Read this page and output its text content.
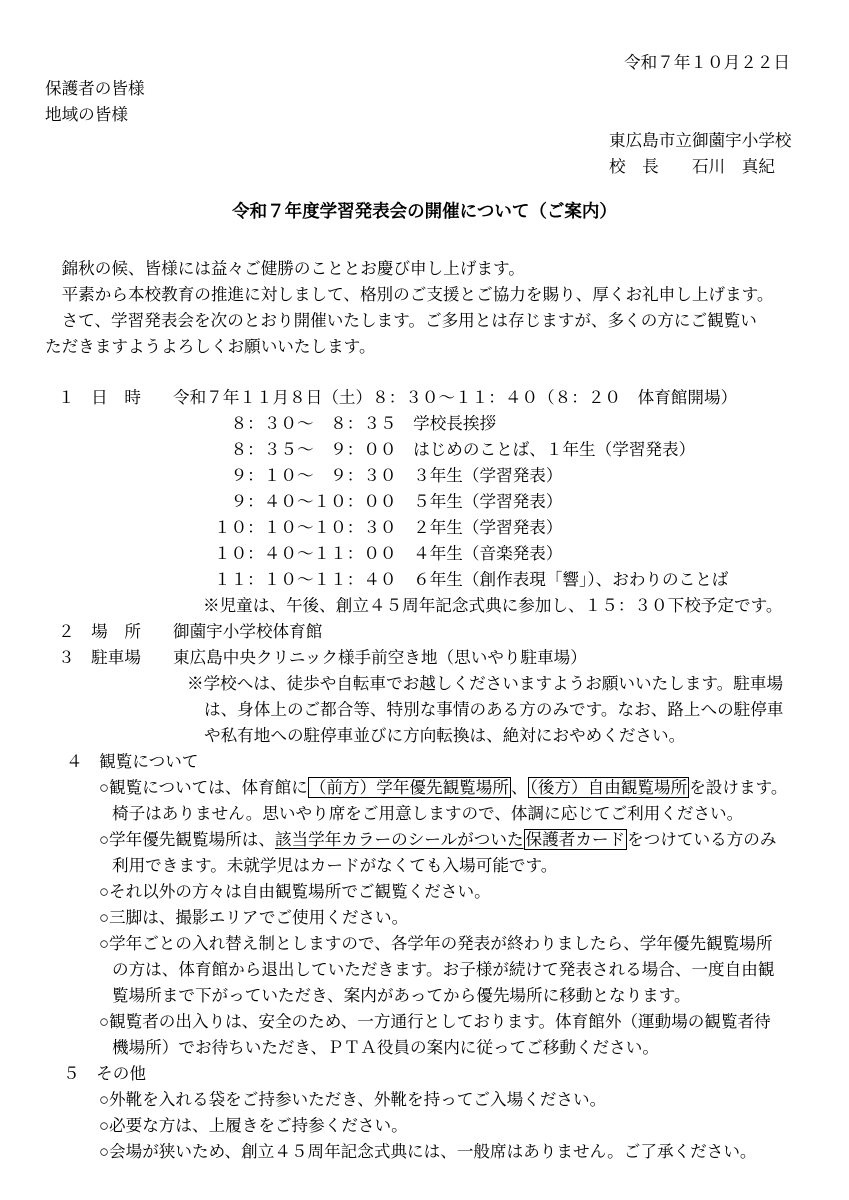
令和７年１０月２２日
保護者の皆様
地域の皆様
東広島市立御薗宇小学校
校　長　　石川　真紀
令和７年度学習発表会の開催について（ご案内）
　錦秋の候、皆様には益々ご健勝のこととお慶び申し上げます。
　平素から本校教育の推進に対しまして、格別のご支援とご協力を賜り、厚くお礼申し上げます。
　さて、学習発表会を次のとおり開催いたします。ご多用とは存じますが、多くの方にご観覧い
ただきますようよろしくお願いいたします。
１　日　時	令和７年１１月８日（土）８：３０～１１：４０（８：２０　体育館開場）
　８：３０～　８：３５　学校長挨拶
　８：３５～　９：００　はじめのことば、１年生（学習発表）
　９：１０～　９：３０　３年生（学習発表）
　９：４０～１０：００　５年生（学習発表）
１０：１０～１０：３０　２年生（学習発表）
１０：４０～１１：００　４年生（音楽発表）
１１：１０～１１：４０　６年生（創作表現「響」）、おわりのことば
※児童は、午後、創立４５周年記念式典に参加し、１５：３０下校予定です。
２　場　所	御薗宇小学校体育館
３　駐車場	東広島中央クリニック様手前空き地（思いやり駐車場）
※学校へは、徒歩や自転車でお越しくださいますようお願いいたします。駐車場
は、身体上のご都合等、特別な事情のある方のみです。なお、路上への駐停車
や私有地への駐停車並びに方向転換は、絶対におやめください。
４　観覧について
○観覧については、体育館に （前方）学年優先観覧場所 、 （後方）自由観覧場所 を設けます。
椅子はありません。思いやり席をご用意しますので、体調に応じてご利用ください。
○学年優先観覧場所は、該当学年カラーのシールがついた 保護者カード をつけている方のみ
利用できます。未就学児はカードがなくても入場可能です。
○それ以外の方々は自由観覧場所でご観覧ください。
○三脚は、撮影エリアでご使用ください。
○学年ごとの入れ替え制としますので、各学年の発表が終わりましたら、学年優先観覧場所
の方は、体育館から退出していただきます。お子様が続けて発表される場合、一度自由観
覧場所まで下がっていただき、案内があってから優先場所に移動となります。
○観覧者の出入りは、安全のため、一方通行としております。体育館外（運動場の観覧者待
機場所）でお待ちいただき、ＰＴＡ役員の案内に従ってご移動ください。
５　その他
○外靴を入れる袋をご持参いただき、外靴を持ってご入場ください。
○必要な方は、上履きをご持参ください。
○会場が狭いため、創立４５周年記念式典には、一般席はありません。ご了承ください。
